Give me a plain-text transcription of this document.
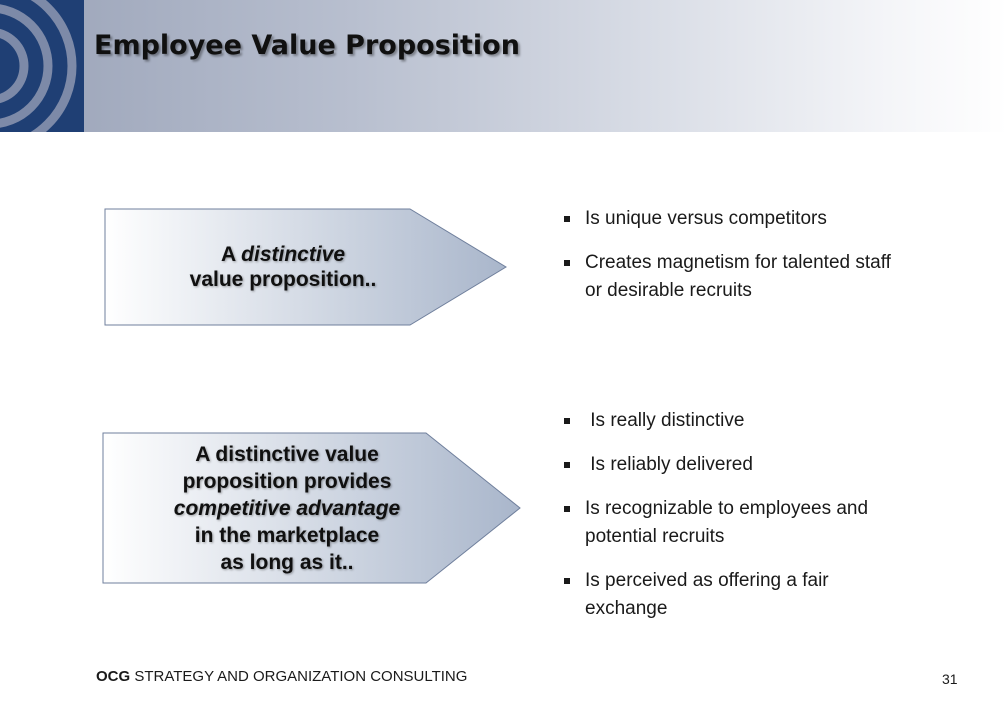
Employee Value Proposition
A distinctive
value proposition..
A distinctive value
proposition provides
competitive advantage
in the marketplace
as long as it..
Is unique versus competitors
Creates magnetism for talented staff or desirable recruits
Is really distinctive
Is reliably delivered
Is recognizable to employees and potential recruits
Is perceived as offering a fair exchange
OCG STRATEGY AND ORGANIZATION CONSULTING	31
